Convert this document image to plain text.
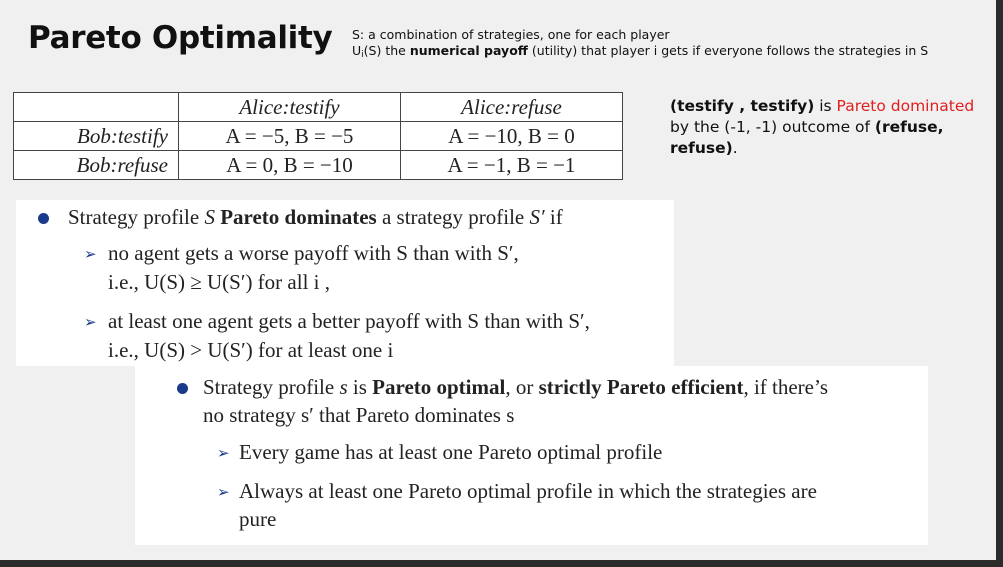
Pareto Optimality S: a combination of strategies, one for each player
Ui(S) the numerical payoff (utility) that player i gets if everyone follows the strategies in S
	Alice:testify	Alice:refuse
Bob:testify	A = −5, B = −5	A = −10, B = 0
Bob:refuse	A = 0, B = −10	A = −1, B = −1
(testify , testify) is Pareto dominated by the (-1, -1) outcome of (refuse, refuse).
Strategy profile S Pareto dominates a strategy profile S′ if
➢ no agent gets a worse payoff with S than with S′,
i.e., U(S) ≥ U(S′) for all i ,
➢ at least one agent gets a better payoff with S than with S′,
i.e., U(S) > U(S′) for at least one i
Strategy profile s is Pareto optimal, or strictly Pareto efficient, if there’s
no strategy s′ that Pareto dominates s
➢ Every game has at least one Pareto optimal profile
➢ Always at least one Pareto optimal profile in which the strategies are
pure
